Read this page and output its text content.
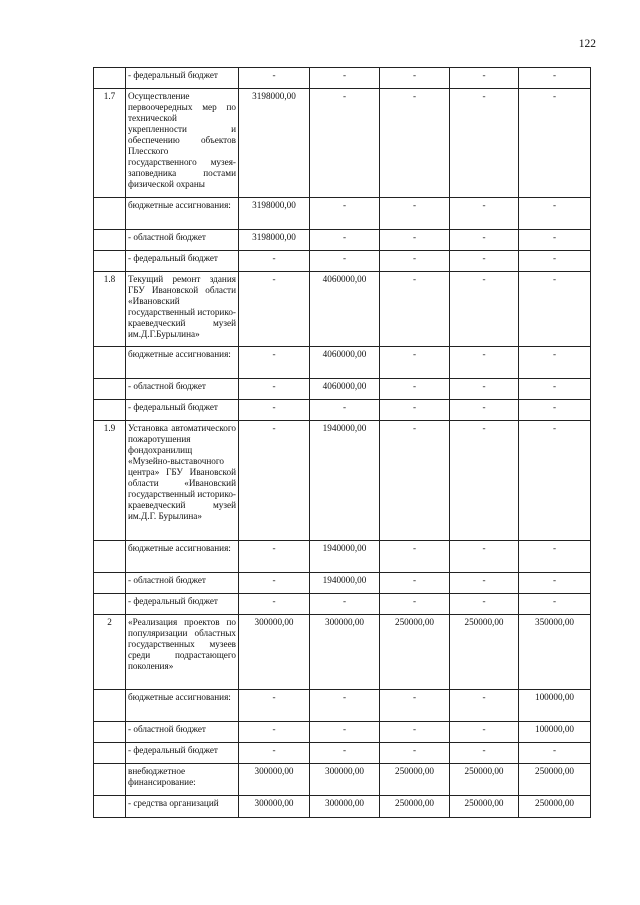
122
	- федеральный бюджет	-	-	-	-	-
1.7	Осуществление первоочередных мер по технической укрепленности и обеспечению объектов Плесского государственного музея-заповедника постами физической охраны	3198000,00	-	-	-	-
	бюджетные ассигнования:	3198000,00	-	-	-	-
	- областной бюджет	3198000,00	-	-	-	-
	- федеральный бюджет	-	-	-	-	-
1.8	Текущий ремонт здания ГБУ Ивановской области «Ивановский государственный историко-краеведческий музей им.Д.Г.Бурылина»	-	4060000,00	-	-	-
	бюджетные ассигнования:	-	4060000,00	-	-	-
	- областной бюджет	-	4060000,00	-	-	-
	- федеральный бюджет	-	-	-	-	-
1.9	Установка автоматического пожаротушения фондохранилищ «Музейно-выставочного центра» ГБУ Ивановской области «Ивановский государственный историко-краеведческий музей им.Д.Г. Бурылина»	-	1940000,00	-	-	-
	бюджетные ассигнования:	-	1940000,00	-	-	-
	- областной бюджет	-	1940000,00	-	-	-
	- федеральный бюджет	-	-	-	-	-
2	«Реализация проектов по популяризации областных государственных музеев среди подрастающего поколения»	300000,00	300000,00	250000,00	250000,00	350000,00
	бюджетные ассигнования:	-	-	-	-	100000,00
	- областной бюджет	-	-	-	-	100000,00
	- федеральный бюджет	-	-	-	-	-
	внебюджетное финансирование:	300000,00	300000,00	250000,00	250000,00	250000,00
	- средства организаций	300000,00	300000,00	250000,00	250000,00	250000,00
